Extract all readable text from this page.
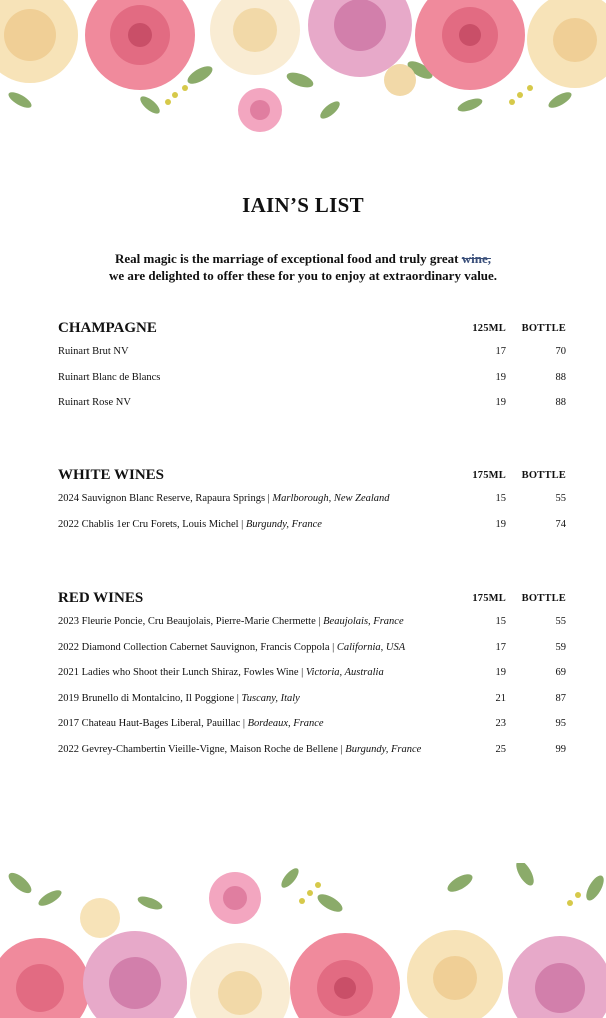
IAIN’S LIST
Real magic is the marriage of exceptional food and truly great wine,
we are delighted to offer these for you to enjoy at extraordinary value.
CHAMPAGNE	125ML BOTTLE
Ruinart Brut NV	17	70
Ruinart Blanc de Blancs	19	88
Ruinart Rose NV	19	88
WHITE WINES	175ML BOTTLE
2024 Sauvignon Blanc Reserve, Rapaura Springs | Marlborough, New Zealand	15	55
2022 Chablis 1er Cru Forets, Louis Michel | Burgundy, France	19	74
RED WINES	175ML BOTTLE
2023 Fleurie Poncie, Cru Beaujolais, Pierre-Marie Chermette | Beaujolais, France	15	55
2022 Diamond Collection Cabernet Sauvignon, Francis Coppola | California, USA	17	59
2021 Ladies who Shoot their Lunch Shiraz, Fowles Wine | Victoria, Australia	19	69
2019 Brunello di Montalcino, Il Poggione | Tuscany, Italy	21	87
2017 Chateau Haut-Bages Liberal, Pauillac | Bordeaux, France	23	95
2022 Gevrey-Chambertin Vieille-Vigne, Maison Roche de Bellene | Burgundy, France	25	99
